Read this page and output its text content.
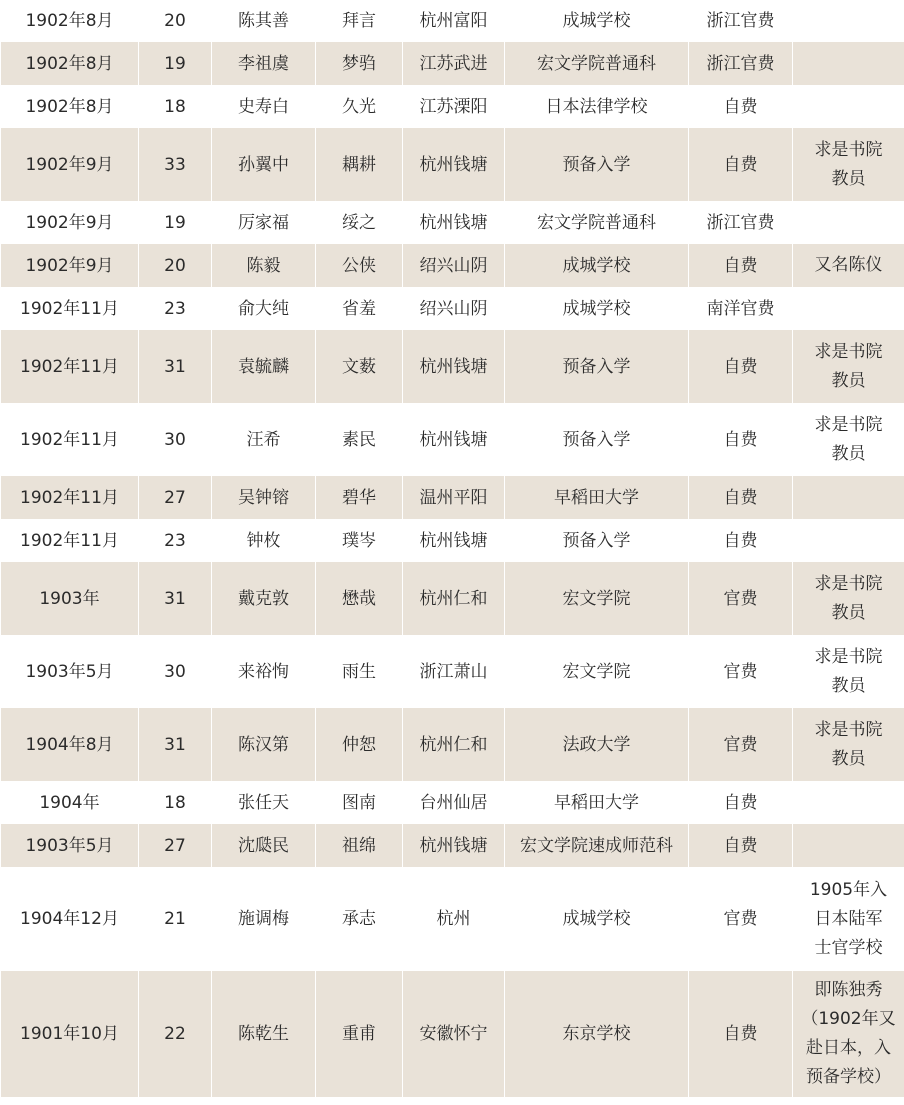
1902年8月	20	陈其善	拜言	杭州富阳	成城学校	浙江官费	
1902年8月	19	李祖虞	梦驺	江苏武进	宏文学院普通科	浙江官费	
1902年8月	18	史寿白	久光	江苏溧阳	日本法律学校	自费	
1902年9月	33	孙翼中	耦耕	杭州钱塘	预备入学	自费	求是书院
教员
1902年9月	19	厉家福	绥之	杭州钱塘	宏文学院普通科	浙江官费	
1902年9月	20	陈毅	公侠	绍兴山阴	成城学校	自费	又名陈仪
1902年11月	23	俞大纯	省羞	绍兴山阴	成城学校	南洋官费	
1902年11月	31	袁毓麟	文薮	杭州钱塘	预备入学	自费	求是书院
教员
1902年11月	30	汪希	素民	杭州钱塘	预备入学	自费	求是书院
教员
1902年11月	27	吴钟镕	碧华	温州平阳	早稻田大学	自费	
1902年11月	23	钟枚	璞岑	杭州钱塘	预备入学	自费	
1903年	31	戴克敦	懋哉	杭州仁和	宏文学院	官费	求是书院
教员
1903年5月	30	来裕恂	雨生	浙江萧山	宏文学院	官费	求是书院
教员
1904年8月	31	陈汉第	仲恕	杭州仁和	法政大学	官费	求是书院
教员
1904年	18	张任天	图南	台州仙居	早稻田大学	自费	
1903年5月	27	沈瓞民	祖绵	杭州钱塘	宏文学院速成师范科	自费	
1904年12月	21	施调梅	承志	杭州	成城学校	官费	1905年入
日本陆军
士官学校
1901年10月	22	陈乾生	重甫	安徽怀宁	东京学校	自费	即陈独秀
（1902年又
赴日本，入
预备学校）
